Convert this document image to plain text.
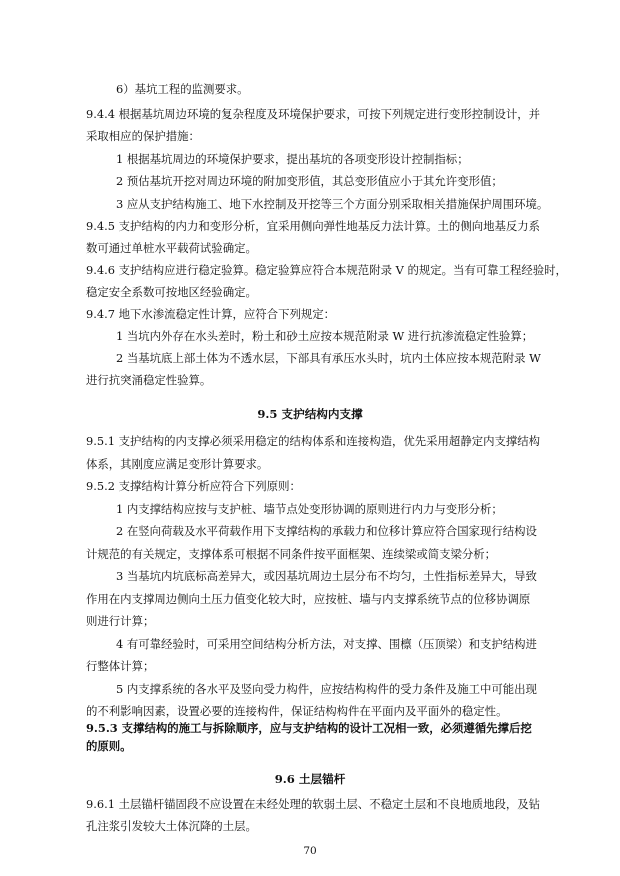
6）基坑工程的监测要求。
9.4.4 根据基坑周边环境的复杂程度及环境保护要求，可按下列规定进行变形控制设计，并
采取相应的保护措施：
1 根据基坑周边的环境保护要求，提出基坑的各项变形设计控制指标；
2 预估基坑开挖对周边环境的附加变形值，其总变形值应小于其允许变形值；
3 应从支护结构施工、地下水控制及开挖等三个方面分别采取相关措施保护周围环境。
9.4.5 支护结构的内力和变形分析，宜采用侧向弹性地基反力法计算。土的侧向地基反力系
数可通过单桩水平载荷试验确定。
9.4.6 支护结构应进行稳定验算。稳定验算应符合本规范附录 V 的规定。当有可靠工程经验时，
稳定安全系数可按地区经验确定。
9.4.7 地下水渗流稳定性计算，应符合下列规定：
1 当坑内外存在水头差时，粉土和砂土应按本规范附录 W 进行抗渗流稳定性验算；
2 当基坑底上部土体为不透水层，下部具有承压水头时，坑内土体应按本规范附录 W
进行抗突涌稳定性验算。
9.5 支护结构内支撑
9.5.1 支护结构的内支撑必须采用稳定的结构体系和连接构造，优先采用超静定内支撑结构
体系，其刚度应满足变形计算要求。
9.5.2 支撑结构计算分析应符合下列原则：
1 内支撑结构应按与支护桩、墙节点处变形协调的原则进行内力与变形分析；
2 在竖向荷载及水平荷载作用下支撑结构的承载力和位移计算应符合国家现行结构设
计规范的有关规定，支撑体系可根据不同条件按平面框架、连续梁或简支梁分析；
3 当基坑内坑底标高差异大，或因基坑周边土层分布不均匀，土性指标差异大，导致
作用在内支撑周边侧向土压力值变化较大时，应按桩、墙与内支撑系统节点的位移协调原
则进行计算；
4 有可靠经验时，可采用空间结构分析方法，对支撑、围檩（压顶梁）和支护结构进
行整体计算；
5 内支撑系统的各水平及竖向受力构件，应按结构构件的受力条件及施工中可能出现
的不利影响因素，设置必要的连接构件，保证结构构件在平面内及平面外的稳定性。
9.5.3 支撑结构的施工与拆除顺序，应与支护结构的设计工况相一致，必须遵循先撑后挖
的原则。
9.6 土层锚杆
9.6.1 土层锚杆锚固段不应设置在未经处理的软弱土层、不稳定土层和不良地质地段，及钻
孔注浆引发较大土体沉降的土层。
70
